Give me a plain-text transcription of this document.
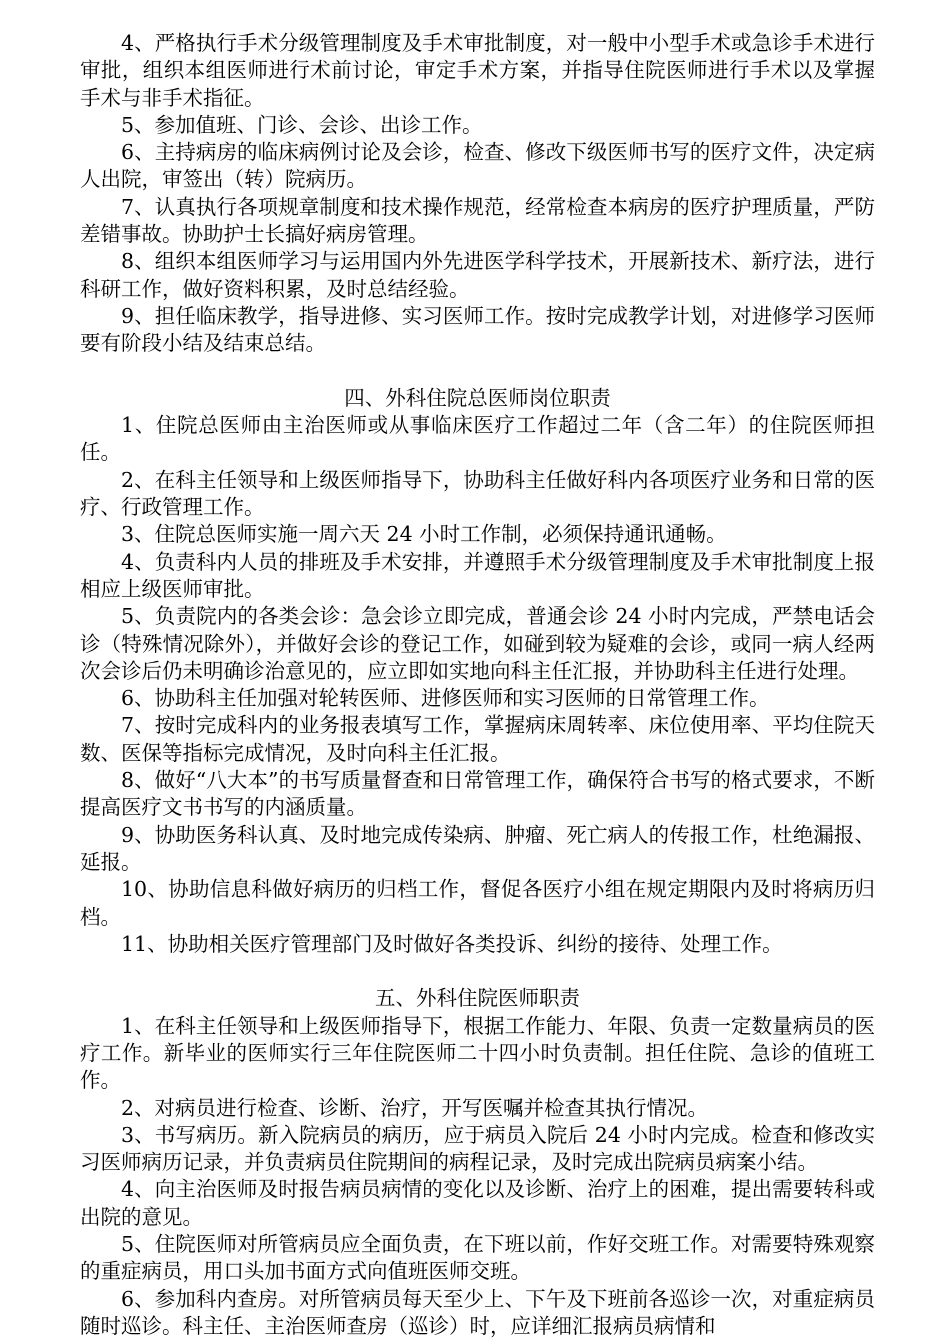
4、严格执行手术分级管理制度及手术审批制度，对一般中小型手术或急诊手术进行审批，组织本组医师进行术前讨论，审定手术方案，并指导住院医师进行手术以及掌握手术与非手术指征。

5、参加值班、门诊、会诊、出诊工作。

6、主持病房的临床病例讨论及会诊，检查、修改下级医师书写的医疗文件，决定病人出院，审签出（转）院病历。

7、认真执行各项规章制度和技术操作规范，经常检查本病房的医疗护理质量，严防差错事故。协助护士长搞好病房管理。

8、组织本组医师学习与运用国内外先进医学科学技术，开展新技术、新疗法，进行科研工作，做好资料积累，及时总结经验。

9、担任临床教学，指导进修、实习医师工作。按时完成教学计划，对进修学习医师要有阶段小结及结束总结。

四、外科住院总医师岗位职责

1、住院总医师由主治医师或从事临床医疗工作超过二年（含二年）的住院医师担任。

2、在科主任领导和上级医师指导下，协助科主任做好科内各项医疗业务和日常的医疗、行政管理工作。

3、住院总医师实施一周六天 24 小时工作制，必须保持通讯通畅。

4、负责科内人员的排班及手术安排，并遵照手术分级管理制度及手术审批制度上报相应上级医师审批。

5、负责院内的各类会诊：急会诊立即完成，普通会诊 24 小时内完成，严禁电话会诊（特殊情况除外），并做好会诊的登记工作，如碰到较为疑难的会诊，或同一病人经两次会诊后仍未明确诊治意见的，应立即如实地向科主任汇报，并协助科主任进行处理。

6、协助科主任加强对轮转医师、进修医师和实习医师的日常管理工作。

7、按时完成科内的业务报表填写工作，掌握病床周转率、床位使用率、平均住院天数、医保等指标完成情况，及时向科主任汇报。

8、做好“八大本”的书写质量督查和日常管理工作，确保符合书写的格式要求，不断提高医疗文书书写的内涵质量。

9、协助医务科认真、及时地完成传染病、肿瘤、死亡病人的传报工作，杜绝漏报、延报。

10、协助信息科做好病历的归档工作，督促各医疗小组在规定期限内及时将病历归档。

11、协助相关医疗管理部门及时做好各类投诉、纠纷的接待、处理工作。

五、外科住院医师职责

1、在科主任领导和上级医师指导下，根据工作能力、年限、负责一定数量病员的医疗工作。新毕业的医师实行三年住院医师二十四小时负责制。担任住院、急诊的值班工作。

2、对病员进行检查、诊断、治疗，开写医嘱并检查其执行情况。

3、书写病历。新入院病员的病历，应于病员入院后 24 小时内完成。检查和修改实习医师病历记录，并负责病员住院期间的病程记录，及时完成出院病员病案小结。

4、向主治医师及时报告病员病情的变化以及诊断、治疗上的困难，提出需要转科或出院的意见。

5、住院医师对所管病员应全面负责，在下班以前，作好交班工作。对需要特殊观察的重症病员，用口头加书面方式向值班医师交班。

6、参加科内查房。对所管病员每天至少上、下午及下班前各巡诊一次，对重症病员随时巡诊。科主任、主治医师查房（巡诊）时，应详细汇报病员病情和
